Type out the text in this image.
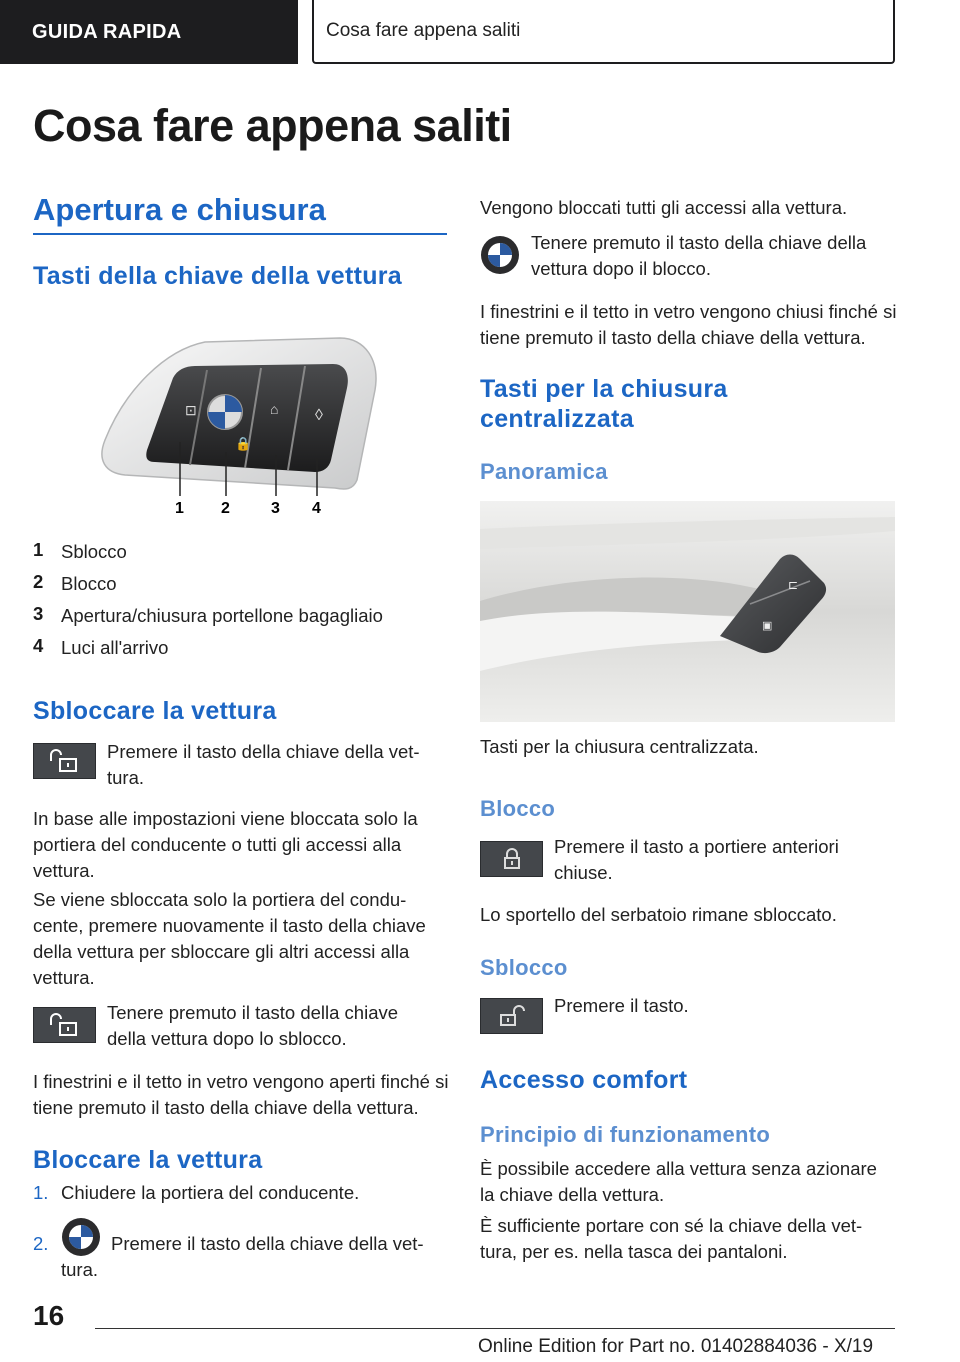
GUIDA RAPIDA	Cosa fare appena saliti
Cosa fare appena saliti
Apertura e chiusura
Tasti della chiave della vettura
⊡
🔒
⌂ ◊
1 2	3 4
1 Sblocco
2 Blocco
3 Apertura/chiusura portellone bagagliaio
4 Luci all'arrivo
Sbloccare la vettura
Premere il tasto della chiave della vet-
tura.

In base alle impostazioni viene bloccata solo la portiera del conducente o tutti gli accessi alla vettura.

Se viene sbloccata solo la portiera del condu-cente, premere nuovamente il tasto della chiave della vettura per sbloccare gli altri accessi alla vettura.

Tenere premuto il tasto della chiave
della vettura dopo lo sblocco.

I finestrini e il tetto in vetro vengono aperti finché si tiene premuto il tasto della chiave della vettura.

Bloccare la vettura
1. Chiudere la portiera del conducente.
2.	Premere il tasto della chiave della vet-
tura.

Vengono bloccati tutti gli accessi alla vettura.

Tenere premuto il tasto della chiave della
vettura dopo il blocco.

I finestrini e il tetto in vetro vengono chiusi finché si tiene premuto il tasto della chiave della vettura.

Tasti per la chiusura centralizzata
Panoramica
⊏
▣

Tasti per la chiusura centralizzata.

Blocco
Premere il tasto a portiere anteriori
chiuse.

Lo sportello del serbatoio rimane sbloccato.

Sblocco
Premere il tasto.
Accesso comfort
Principio di funzionamento

È possibile accedere alla vettura senza azionare la chiave della vettura.

È sufficiente portare con sé la chiave della vet-tura, per es. nella tasca dei pantaloni.

16
Online Edition for Part no. 01402884036 - X/19
